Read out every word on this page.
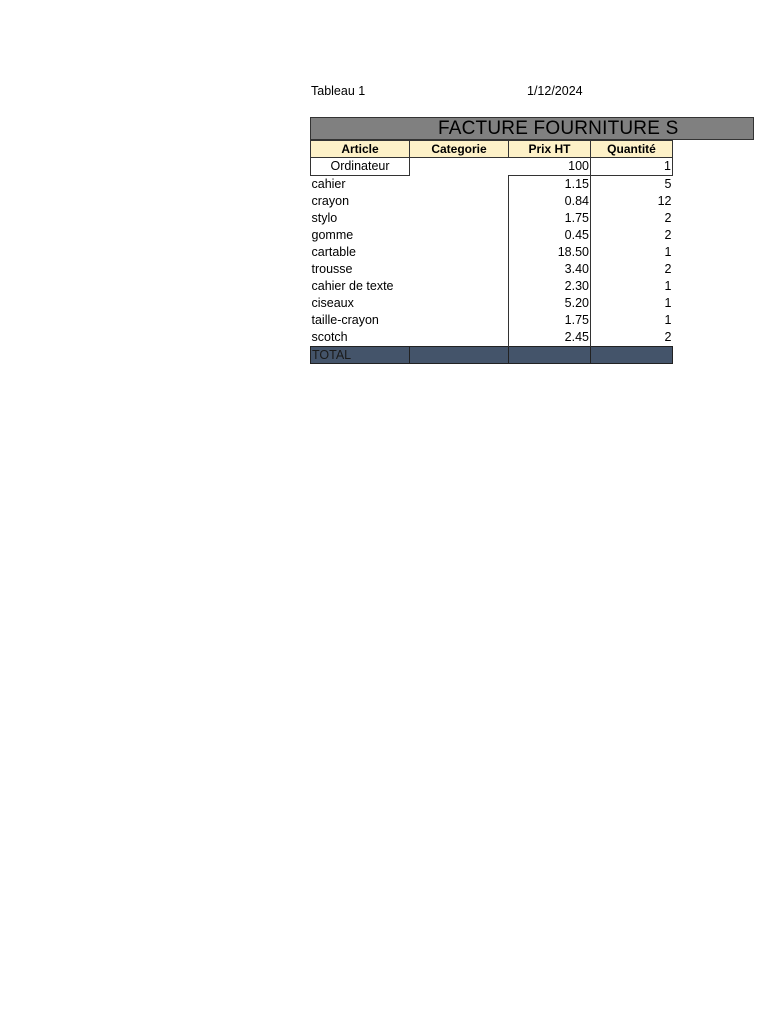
Tableau 1	1/12/2024
FACTURE FOURNITURE S
Article	Categorie	Prix HT	Quantité
Ordinateur		100	1
cahier		1.15	5
crayon		0.84	12
stylo		1.75	2
gomme		0.45	2
cartable		18.50	1
trousse		3.40	2
cahier de texte		2.30	1
ciseaux		5.20	1
taille-crayon		1.75	1
scotch		2.45	2
TOTAL			
